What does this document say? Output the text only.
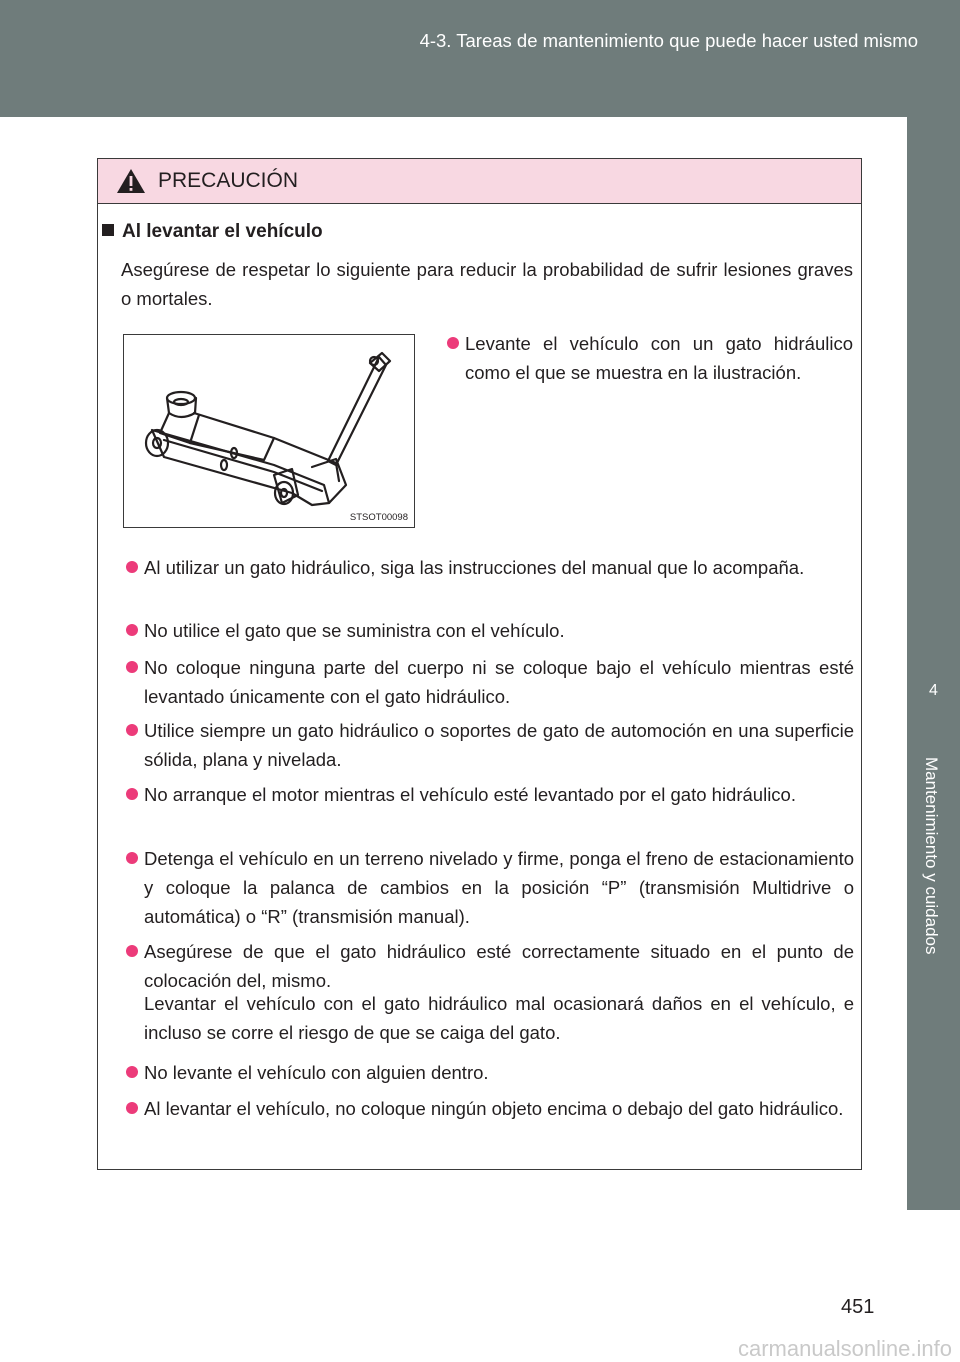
4-3. Tareas de mantenimiento que puede hacer usted mismo
4
Mantenimiento y cuidados
PRECAUCIÓN
Al levantar el vehículo
Asegúrese de respetar lo siguiente para reducir la probabilidad de sufrir lesiones graves o mortales.
STSOT00098
Levante el vehículo con un gato hidráulico como el que se muestra en la ilustración.
Al utilizar un gato hidráulico, siga las instrucciones del manual que lo acompaña.
No utilice el gato que se suministra con el vehículo.
No coloque ninguna parte del cuerpo ni se coloque bajo el vehículo mientras esté levantado únicamente con el gato hidráulico.
Utilice siempre un gato hidráulico o soportes de gato de automoción en una superficie sólida, plana y nivelada.
No arranque el motor mientras el vehículo esté levantado por el gato hidráulico.
Detenga el vehículo en un terreno nivelado y firme, ponga el freno de estacionamiento y coloque la palanca de cambios en la posición “P” (transmisión Multidrive o automática) o “R” (transmisión manual).
Asegúrese de que el gato hidráulico esté correctamente situado en el punto de colocación del, mismo.
Levantar el vehículo con el gato hidráulico mal ocasionará daños en el vehículo, e incluso se corre el riesgo de que se caiga del gato.
No levante el vehículo con alguien dentro.
Al levantar el vehículo, no coloque ningún objeto encima o debajo del gato hidráulico.
451
carmanualsonline.info
